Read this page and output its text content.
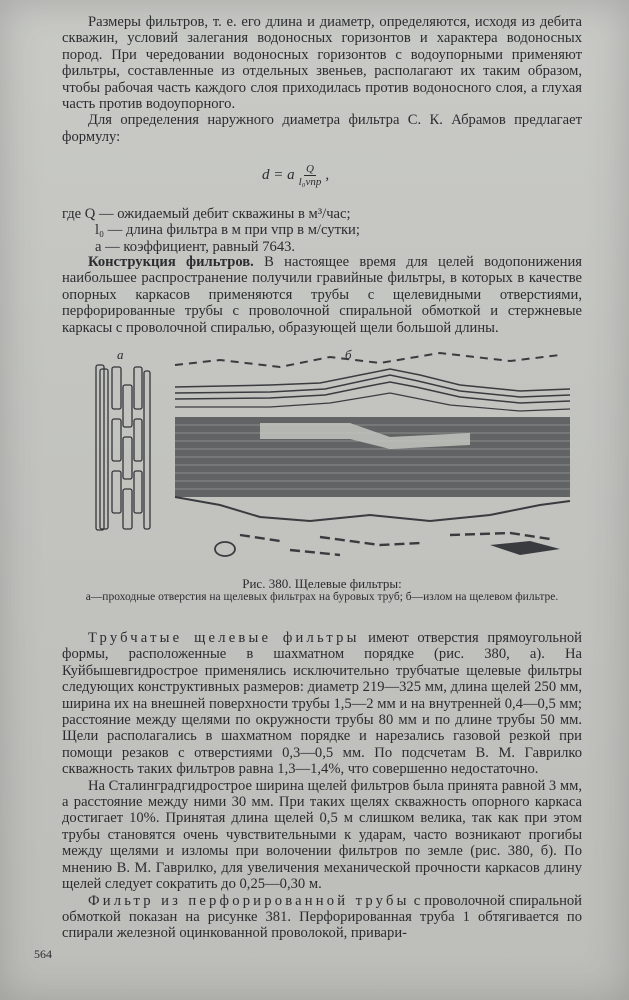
Размеры фильтров, т. е. его длина и диаметр, определяются, исходя из дебита скважин, условий залегания водоносных горизонтов и характера водоносных пород. При чередовании водоносных горизонтов с водоупорными применяют фильтры, составленные из отдельных звеньев, располагают их таким образом, чтобы рабочая часть каждого слоя приходилась против водоносного слоя, а глухая часть против водоупорного.

Для определения наружного диаметра фильтра С. К. Абрамов предлагает формулу:

d = a $\frac{Q}{\text{l₀vпр}}$ ,
где Q — ожидаемый дебит скважины в м³/час;
l₀ — длина фильтра в м при vпр в м/сутки;
a — коэффициент, равный 7643.

Конструкция фильтров. В настоящее время для целей водопонижения наибольшее распространение получили гравийные фильтры, в которых в качестве опорных каркасов применяются трубы с щелевидными отверстиями, перфорированные трубы с проволочной спиральной обмоткой и стержневые каркасы с проволочной спиралью, образующей щели большой длины.

а	б
Рис. 380. Щелевые фильтры:
а—проходные отверстия на щелевых фильтрах на буровых труб; б—излом на щелевом фильтре.

Трубчатые щелевые фильтры имеют отверстия прямоугольной формы, расположенные в шахматном порядке (рис. 380, а). На Куйбышевгидрострое применялись исключительно трубчатые щелевые фильтры следующих конструктивных размеров: диаметр 219—325 мм, длина щелей 250 мм, ширина их на внешней поверхности трубы 1,5—2 мм и на внутренней 0,4—0,5 мм; расстояние между щелями по окружности трубы 80 мм и по длине трубы 50 мм. Щели располагались в шахматном порядке и нарезались газовой резкой при помощи резаков с отверстиями 0,3—0,5 мм. По подсчетам В. М. Гаврилко скважность таких фильтров равна 1,3—1,4%, что совершенно недостаточно.

На Сталинградгидрострое ширина щелей фильтров была принята равной 3 мм, а расстояние между ними 30 мм. При таких щелях скважность опорного каркаса достигает 10%. Принятая длина щелей 0,5 м слишком велика, так как при этом трубы становятся очень чувствительными к ударам, часто возникают прогибы между щелями и изломы при волочении фильтров по земле (рис. 380, б). По мнению В. М. Гаврилко, для увеличения механической прочности каркасов длину щелей следует сократить до 0,25—0,30 м.

Фильтр из перфорированной трубы с проволочной спиральной обмоткой показан на рисунке 381. Перфорированная труба 1 обтягивается по спирали железной оцинкованной проволокой, привари-

564
